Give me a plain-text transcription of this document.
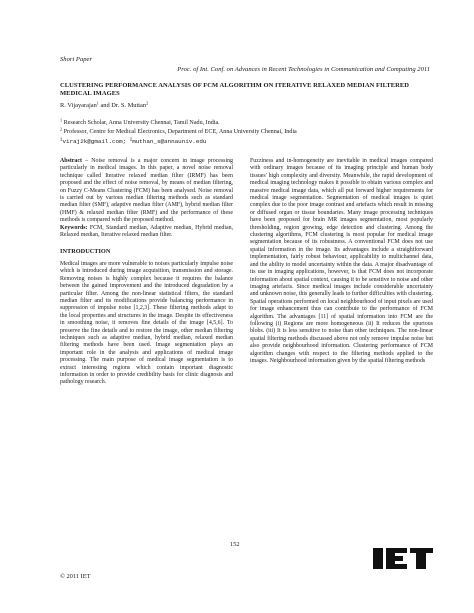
Short Paper
Proc. of Int. Conf. on Advances in Recent Technologies in Communication and Computing 2011
CLUSTERING PERFORMANCE ANALYSIS OF FCM ALGORITHM ON ITERATIVE RELAXED MEDIAN FILTERED MEDICAL IMAGES
R. Vijayarajan$^1$ and Dr. S. Muttan$^2$
$^1$ Research Scholar, Anna University Chennai, Tamil Nadu, India.
$^2$ Professor, Centre for Medical Electronics, Department of ECE, Anna University Chennai, India
$^1$viraj2k@gmail.com; $^2$muthan_s@annauniv.edu

Abstract – Noise removal is a major concern in image processing particularly in medical images. In this paper, a novel noise removal technique called Iterative relaxed median filter (IRMF) has been proposed and the effect of noise removal, by means of median filtering, on Fuzzy C-Means Clustering (FCM) has been analysed. Noise removal is carried out by various median filtering methods such as standard median filter (SMF), adaptive median filter (AMF), hybrid median filter (HMF) & relaxed median filter (RMF) and the performance of these methods is compared with the proposed method.

Keywords: FCM, Standard median, Adaptive median, Hybrid median, Relaxed median, Iterative relaxed median filter.

INTRODUCTION

Medical images are more vulnerable to noises particularly impulse noise which is introduced during image acquisition, transmission and storage. Removing noises is highly complex because it requires the balance between the gained improvement and the introduced degradation by a particular filter. Among the non-linear statistical filters, the standard median filter and its modifications provide balancing performance in suppression of impulse noise [1,2,3]. These filtering methods adapt to the local properties and structures in the image. Despite its effectiveness in smoothing noise, it removes fine details of the image [4,5,6]. To preserve the fine details and to restore the image, other median filtering techniques such as adaptive median, hybrid median, relaxed median filtering methods have been used. Image segmentation plays an important role in the analysis and applications of medical image processing. The main purpose of medical image segmentation is to extract interesting regions which contain important diagnostic information in order to provide credibility basis for clinic diagnosis and pathology research.

Fuzziness and in-homogeneity are inevitable in medical images compared with ordinary images because of its imaging principle and human body tissues' high complexity and diversity. Meanwhile, the rapid development of medical imaging technology makes it possible to obtain various complex and massive medical image data, which all put forward higher requirements for medical image segmentation. Segmentation of medical images is quiet complex due to the poor image contrast and artefacts which result in missing or diffused organ or tissue boundaries. Many image processing techniques have been proposed for brain MR images segmentation, most popularly thresholding, region growing, edge detection and clustering. Among the clustering algorithms, FCM clustering is most popular for medical image segmentation because of its robustness. A conventional FCM does not use spatial information in the image. Its advantages include a straightforward implementation, fairly robust behaviour, applicability to multichannel data, and the ability to model uncertainty within the data. A major disadvantage of its use in imaging applications, however, is that FCM does not incorporate information about spatial context, causing it to be sensitive to noise and other imaging artefacts. Since medical images include considerable uncertainty and unknown noise, this generally leads to further difficulties with clustering. Spatial operations performed on local neighbourhood of input pixels are used for image enhancement thus can contribute to the performance of FCM algorithm. The advantages [11] of spatial information into FCM are the following (i) Regions are more homogeneous (ii) It reduces the spurious blobs. (iii) It is less sensitive to noise than other techniques. The non-linear spatial filtering methods discussed above not only remove impulse noise but also provide neighbourhood information. Clustering performance of FCM algorithm changes with respect to the filtering methods applied to the images. Neighbourhood information given by the spatial filtering methods

152
© 2011 IET
